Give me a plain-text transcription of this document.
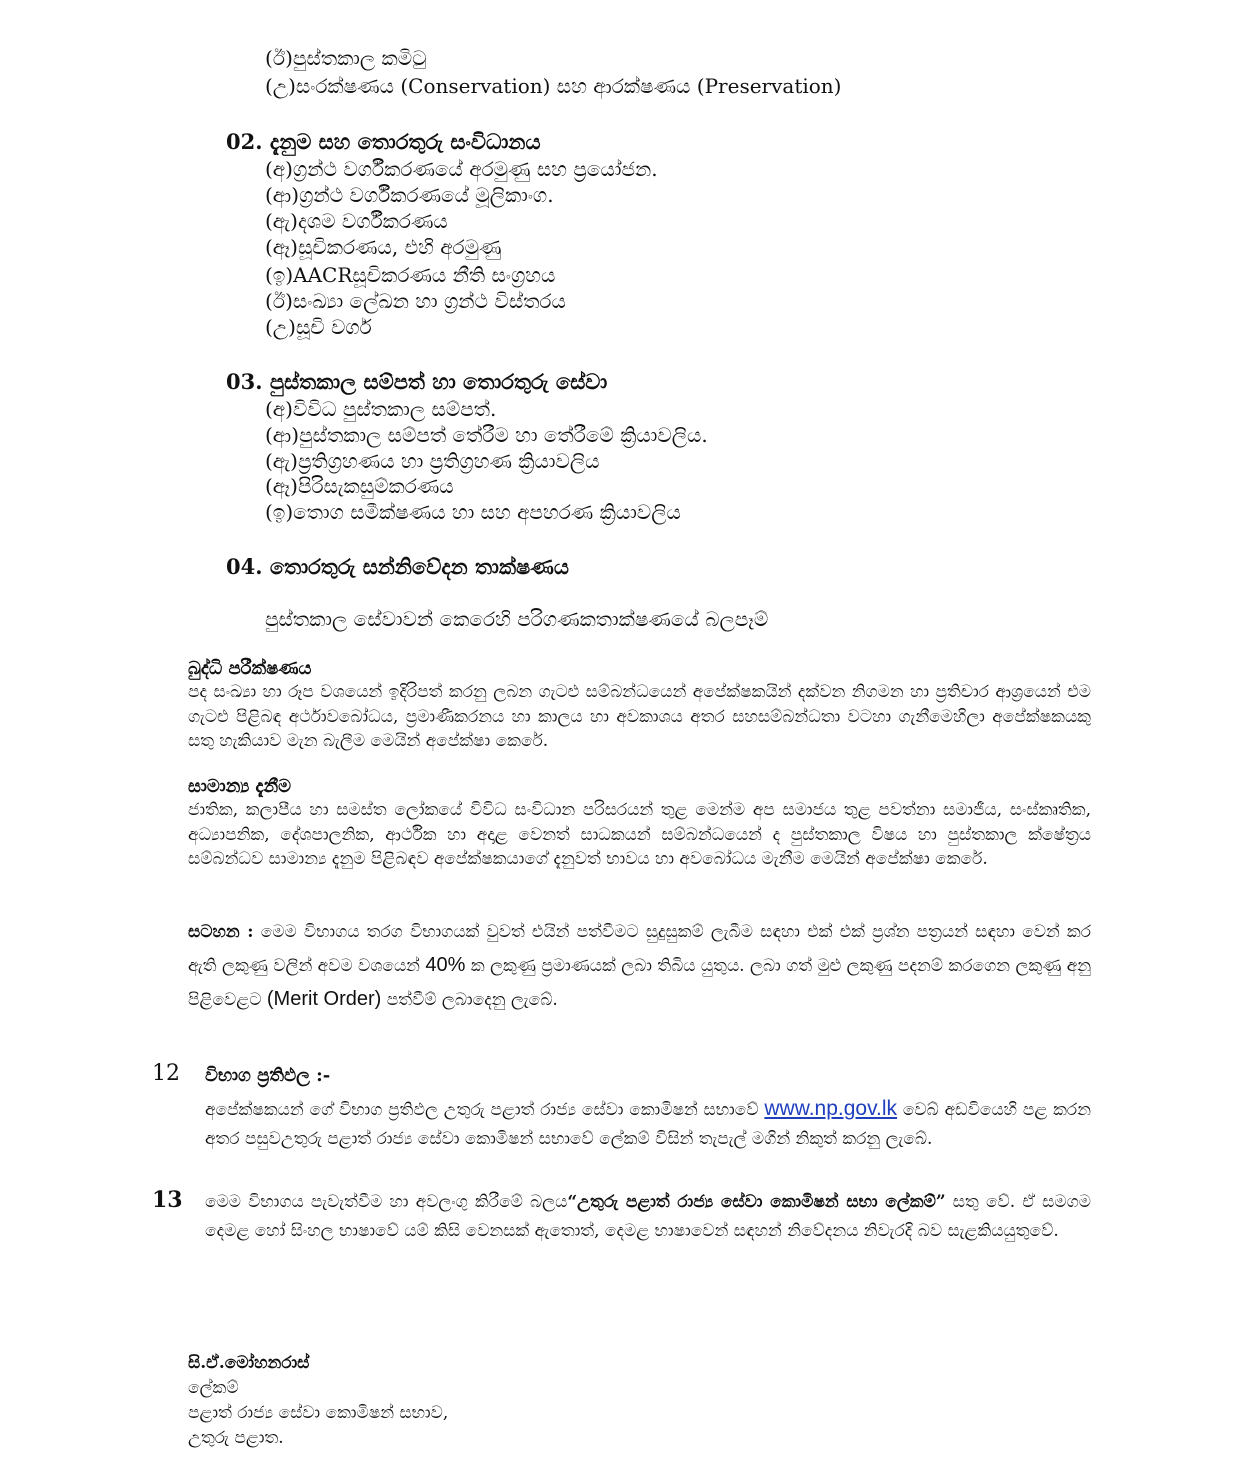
(ඊ)පුස්තකාල කමිටු
(උ)සංරක්ෂණය (Conservation) සහ ආරක්ෂණය (Preservation)
02. දැනුම සහ තොරතුරු සංවිධානය
(අ)ග්‍රන්ථ වර්ගීකරණයේ අරමුණු සහ ප්‍රයෝජන.
(ආ)ග්‍රන්ථ වර්ගීකරණයේ මූලිකාංග.
(ඇ)දශම වර්ගීකරණය
(ඈ)සූචිකරණය, එහි අරමුණු
(ඉ)AACRසූචිකරණය නීති සංග්‍රහය
(ඊ)සංඛ්‍යා ලේඛන හා ග්‍රන්ථ විස්තරය
(උ)සූචි වර්ග
03. පුස්තකාල සම්පත් හා තොරතුරු සේවා
(අ)විවිධ පුස්තකාල සම්පත්.
(ආ)පුස්තකාල සම්පත් තේරීම හා තේරීමේ ක්‍රියාවලිය.
(ඇ)ප්‍රතිග්‍රහණය හා ප්‍රතිග්‍රහණ ක්‍රියාවලිය
(ඈ)පිරිසැකසුම්කරණය
(ඉ)තොග සමීක්ෂණය හා සහ අපහරණ ක්‍රියාවලිය
04. තොරතුරු සන්නිවේදන තාක්ෂණය
පුස්තකාල සේවාවන් කෙරෙහි පරිගණකතාක්ෂණයේ බලපෑම්
බුද්ධි පරීක්ෂණය
පද සංඛ්‍යා හා රූප වශයෙන් ඉදිරිපත් කරනු ලබන ගැටළු සම්බන්ධයෙන් අපේක්ෂකයින් දක්වන නිගමන හා ප්‍රතිචාර ආශ්‍රයෙන් එම ගැටළු පිළිබඳ අර්ථාවබෝධය, ප්‍රමාණීකරනය හා කාලය හා අවකාශය අතර සහසම්බන්ධතා වටහා ගැනීමෙහිලා අපේක්ෂකයකු සතු හැකියාව මැන බැලීම මෙයින් අපේක්ෂා කෙරේ.
සාමාන්‍ය දැනීම
ජාතික, කලාපීය හා සමස්ත ලෝකයේ විවිධ සංවිධාන පරිසරයන් තුළ මෙන්ම අප සමාජය තුළ පවත්නා සමාජීය, සංස්කෘතික, අධ්‍යාපනික, දේශපාලනික, ආර්ථික හා අදාළ වෙනත් සාධකයන් සම්බන්ධයෙන් ද පුස්තකාල විෂය හා පුස්තකාල ක්ෂේත්‍රය සම්බන්ධව සාමාන්‍ය දැනුම පිළිබඳව අපේක්ෂකයාගේ දැනුවත් භාවය හා අවබෝධය මැනීම මෙයින් අපේක්ෂා කෙරේ.
සටහන : මෙම විභාගය තරග විභාගයක් වුවත් එයින් පත්වීමට සුදුසුකම් ලැබීම සඳහා එක් එක් ප්‍රශ්න පත්‍රයන් සඳහා වෙන් කර ඇති ලකුණු වලින් අවම වශයෙන් 40% ක ලකුණු ප්‍රමාණයක් ලබා තිබිය යුතුය. ලබා ගත් මුළු ලකුණු පදනම් කරගෙන ලකුණු අනු පිළිවෙළට (Merit Order) පත්වීම් ලබාදෙනු ලැබේ.
12 විභාග ප්‍රතිඵල :-
අපේක්ෂකයන් ගේ විභාග ප්‍රතිඵල උතුරු පළාත් රාජ්‍ය සේවා කොමිෂන් සභාවේ www.np.gov.lk වෙබ් අඩවියෙහි පළ කරන අතර පසුවඋතුරු පළාත් රාජ්‍ය සේවා කොමිෂන් සභාවේ ලේකම් විසින් තැපැල් මගින් නිකුත් කරනු ලැබේ.
13 මෙම විභාගය පැවැත්වීම හා අවලංගු කිරීමේ බලය“උතුරු පළාත් රාජ්‍ය සේවා කොමිෂන් සභා ලේකම්” සතු වේ. ඒ සමගම දෙමළ හෝ සිංහල භාෂාවේ යම් කිසි වෙනසක් ඇතොත්, දෙමළ භාෂාවෙන් සඳහන් නිවේදනය නිවැරදි බව සැළකියයුතුවේ.
සි.ඒ.මෝහනරාස්
ලේකම්
පළාත් රාජ්‍ය සේවා කොමිෂන් සභාව,
උතුරු පළාත.
